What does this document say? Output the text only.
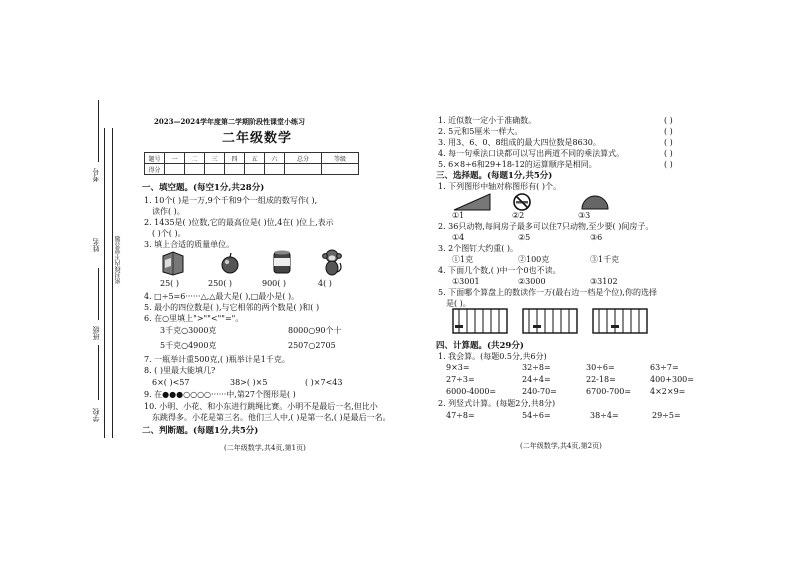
密封线内不要答题
考号
姓名
班级
学校
2023—2024学年度第二学期阶段性课堂小练习
二年级数学
题号	一	二	三	四	五	六	总分	等级
得分								
一、填空题。(每空1分,共28分)
1. 10个( )是一万,9个千和9个一组成的数写作( ),
读作( )。
2. 1435是( )位数,它的最高位是( )位,4在( )位上,表示
( )个( )。
3. 填上合适的质量单位。
25( )	250( )	900( )	4( )
4. □÷5=6······△,△最大是( ),□最小是( )。
5. 最小的四位数是( ),与它相邻的两个数是( )和( )
6. 在○里填上">""<""="。
3千克○3000克	8000○90个十
5千克○4900克	2507○2705
7. 一瓶举计重500克,( )瓶举计是1千克。
8. ( )里最大能填几?
6×( )<57	38>( )×5	( )×7<43
9. 在●●●○○○○······中,第27个图形是( )
10. 小明、小花、和小东进行跳绳比赛。小明不是最后一名,但比小
东跳得多。小花是第三名。他们三人中,( )是第一名,( )是最后一名。
二、判断题。(每题1分,共5分)
(二年级数学,共4页,第1页)
1. 近似数一定小于准确数。	( )
2. 5元和5厘米一样大。	( )
3. 用3、6、0、8组成的最大四位数是8630。	( )
4. 每一句乘法口诀都可以写出两道不同的乘法算式。	( )
5. 6×8÷6和29+18-12的运算顺序是相同。	( )
三、选择题。(每题1分,共5分)
1. 下列图形中轴对称图形有( )个。
①1	②2	③3
2. 36只动物,每间房子最多可以住7只动物,至少要( )间房子。
①4	②5	③6
3. 2个图钉大约重( )。
①1克	②100克	③1千克
4. 下面几个数,( )中一个0也不读。
①3001	②3000	③3102
5. 下面哪个算盘上的数读作一万(最右边一档是个位),你的选择
是( )。
四、计算题。(共29分)
1. 我会算。(每题0.5分,共6分)
9×3=	32÷8=	30÷6=	63÷7=
27÷3=	24÷4=	22-18=	400+300=
6000-4000=	240-70=	6700-700= 4×2×9=
2. 列竖式计算。(每题2分,共8分)
47÷8=	54÷6=	38÷4=	29÷5=
(二年级数学,共4页,第2页)
